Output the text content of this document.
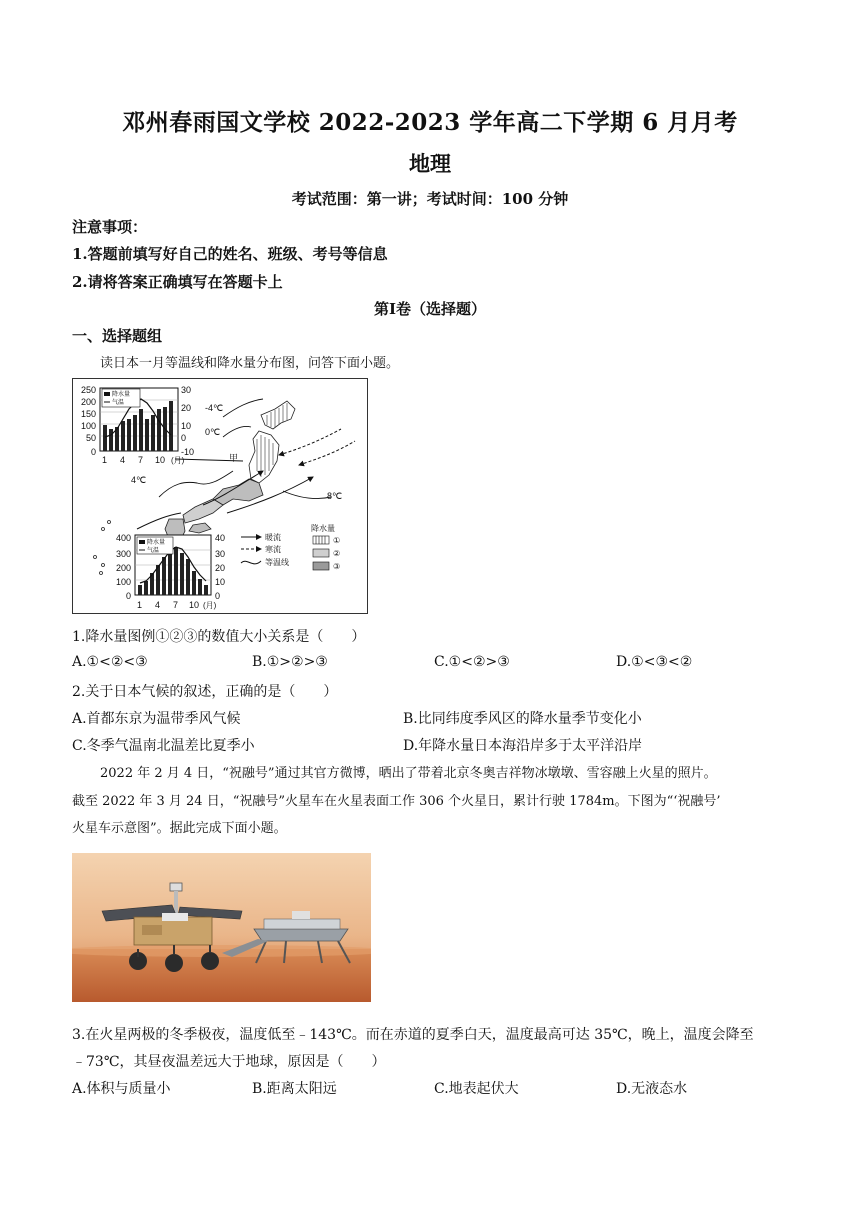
邓州春雨国文学校 2022-2023 学年高二下学期 6 月月考
地理
考试范围：第一讲；考试时间：100 分钟
注意事项：
1.答题前填写好自己的姓名、班级、考号等信息
2.请将答案正确填写在答题卡上
第Ⅰ卷（选择题）
一、选择题组
读日本一月等温线和降水量分布图，问答下面小题。
250
200
150
100
50
0
30
20
10
0
-10
降水量
气温
1 4 7 10 (月)
-4℃
0℃
4℃
8℃
甲
降水量
气温
400
300
200
100
0
40
30
20
10
0
1 4 7 10 (月)
暖流
寒流
等温线
降水量
①
②
③
1.降水量图例①②③的数值大小关系是（　　）
A.①<②<③	B.①>②>③	C.①<②>③	D.①<③<②
2.关于日本气候的叙述，正确的是（　　）
A.首都东京为温带季风气候	B.比同纬度季风区的降水量季节变化小
C.冬季气温南北温差比夏季小	D.年降水量日本海沿岸多于太平洋沿岸
2022 年 2 月 4 日，“祝融号”通过其官方微博，晒出了带着北京冬奥吉祥物冰墩墩、雪容融上火星的照片。
截至 2022 年 3 月 24 日，“祝融号”火星车在火星表面工作 306 个火星日，累计行驶 1784m。下图为“‘祝融号’
火星车示意图”。据此完成下面小题。
3.在火星两极的冬季极夜，温度低至﹣143℃。而在赤道的夏季白天，温度最高可达 35℃，晚上，温度会降至
﹣73℃，其昼夜温差远大于地球，原因是（　　）
A.体积与质量小	B.距离太阳远	C.地表起伏大	D.无液态水
